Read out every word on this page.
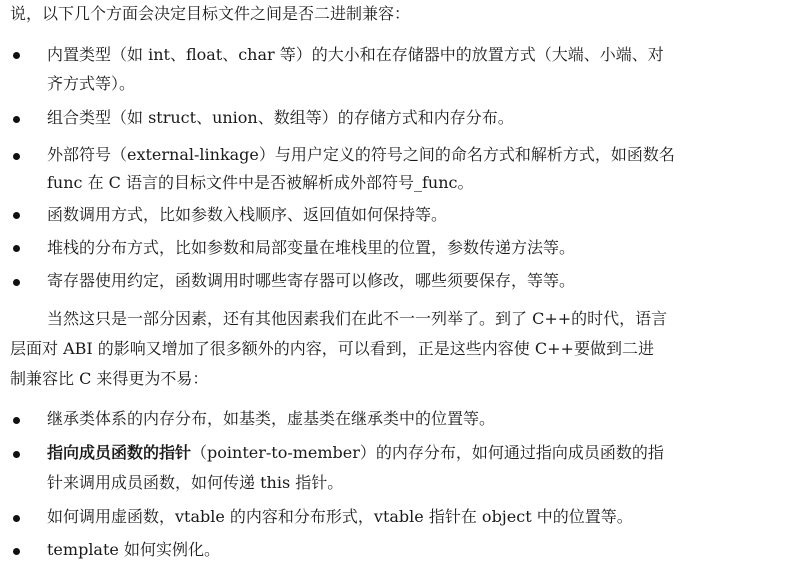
说，以下几个方面会决定目标文件之间是否二进制兼容：
内置类型（如 int、float、char 等）的大小和在存储器中的放置方式（大端、小端、对
齐方式等）。
组合类型（如 struct、union、数组等）的存储方式和内存分布。
外部符号（external-linkage）与用户定义的符号之间的命名方式和解析方式，如函数名
func 在 C 语言的目标文件中是否被解析成外部符号_func。
函数调用方式，比如参数入栈顺序、返回值如何保持等。
堆栈的分布方式，比如参数和局部变量在堆栈里的位置，参数传递方法等。
寄存器使用约定，函数调用时哪些寄存器可以修改，哪些须要保存，等等。
当然这只是一部分因素，还有其他因素我们在此不一一列举了。到了 C++的时代，语言
层面对 ABI 的影响又增加了很多额外的内容，可以看到，正是这些内容使 C++要做到二进
制兼容比 C 来得更为不易：
继承类体系的内存分布，如基类，虚基类在继承类中的位置等。
指向成员函数的指针（pointer-to-member）的内存分布，如何通过指向成员函数的指
针来调用成员函数，如何传递 this 指针。
如何调用虚函数，vtable 的内容和分布形式，vtable 指针在 object 中的位置等。
template 如何实例化。
